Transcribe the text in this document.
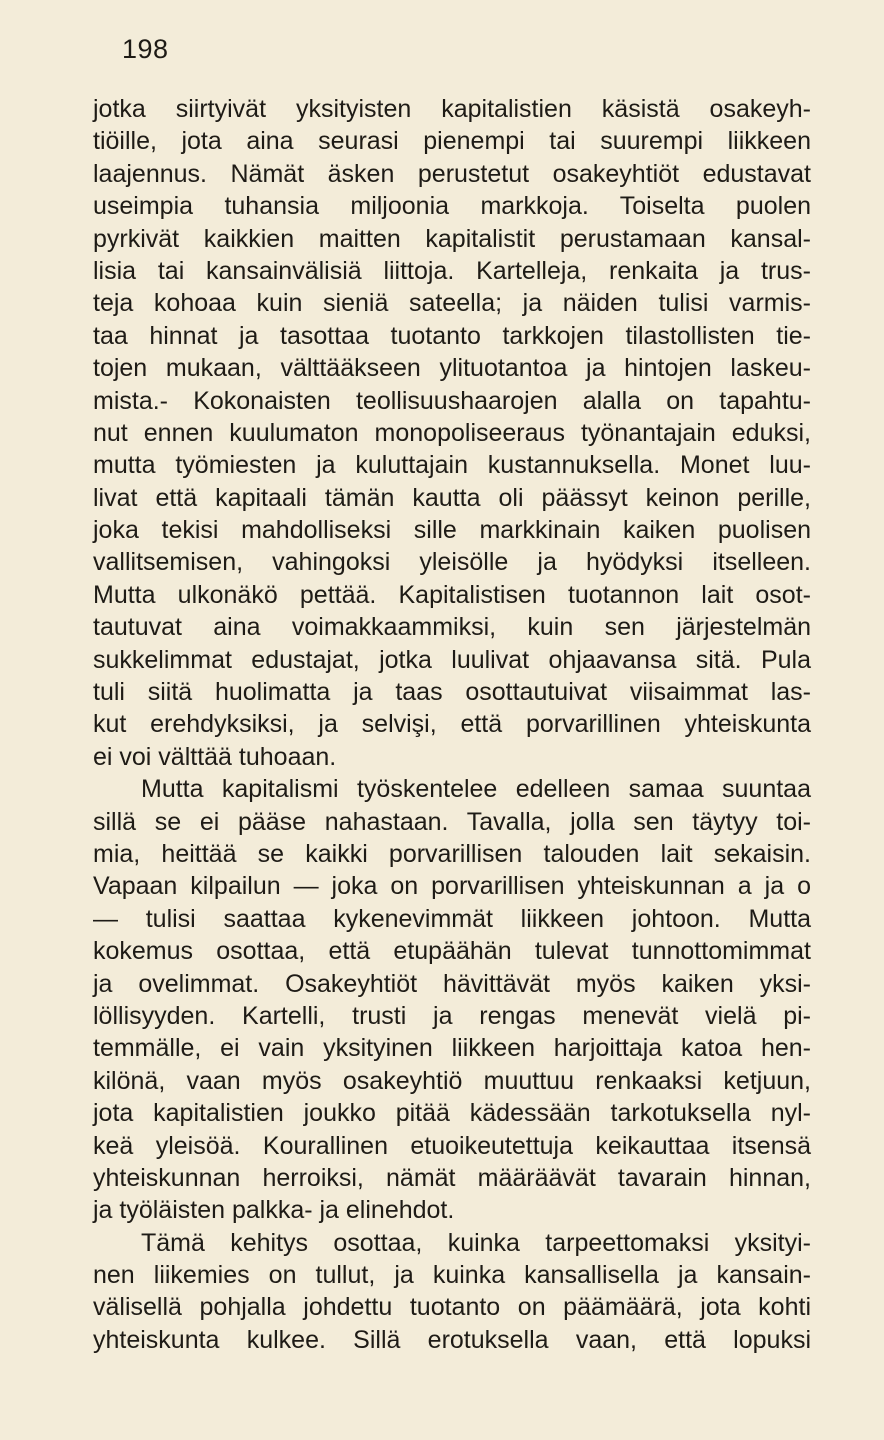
198
jotka siirtyivät yksityisten kapitalistien käsistä osakeyh-
tiöille, jota aina seurasi pienempi tai suurempi liikkeen
laajennus. Nämät äsken perustetut osakeyhtiöt edustavat
useimpia tuhansia miljoonia markkoja. Toiselta puolen
pyrkivät kaikkien maitten kapitalistit perustamaan kansal-
lisia tai kansainvälisiä liittoja. Kartelleja, renkaita ja trus-
teja kohoaa kuin sieniä sateella; ja näiden tulisi varmis-
taa hinnat ja tasottaa tuotanto tarkkojen tilastollisten tie-
tojen mukaan, välttääkseen ylituotantoa ja hintojen laskeu-
mista.- Kokonaisten teollisuushaarojen alalla on tapahtu-
nut ennen kuulumaton monopoliseeraus työnantajain eduksi,
mutta työmiesten ja kuluttajain kustannuksella. Monet luu-
livat että kapitaali tämän kautta oli päässyt keinon perille,
joka tekisi mahdolliseksi sille markkinain kaiken puolisen
vallitsemisen, vahingoksi yleisölle ja hyödyksi itselleen.
Mutta ulkonäkö pettää. Kapitalistisen tuotannon lait osot-
tautuvat aina voimakkaammiksi, kuin sen järjestelmän
sukkelimmat edustajat, jotka luulivat ohjaavansa sitä. Pula
tuli siitä huolimatta ja taas osottautuivat viisaimmat las-
kut erehdyksiksi, ja selvişi, että porvarillinen yhteiskunta
ei voi välttää tuhoaan.
Mutta kapitalismi työskentelee edelleen samaa suuntaa
sillä se ei pääse nahastaan. Tavalla, jolla sen täytyy toi-
mia, heittää se kaikki porvarillisen talouden lait sekaisin.
Vapaan kilpailun — joka on porvarillisen yhteiskunnan a ja o
— tulisi saattaa kykenevimmät liikkeen johtoon. Mutta
kokemus osottaa, että etupäähän tulevat tunnottomimmat
ja ovelimmat. Osakeyhtiöt hävittävät myös kaiken yksi-
löllisyyden. Kartelli, trusti ja rengas menevät vielä pi-
temmälle, ei vain yksityinen liikkeen harjoittaja katoa hen-
kilönä, vaan myös osakeyhtiö muuttuu renkaaksi ketjuun,
jota kapitalistien joukko pitää kädessään tarkotuksella nyl-
keä yleisöä. Kourallinen etuoikeutettuja keikauttaa itsensä
yhteiskunnan herroiksi, nämät määräävät tavarain hinnan,
ja työläisten palkka- ja elinehdot.
Tämä kehitys osottaa, kuinka tarpeettomaksi yksityi-
nen liikemies on tullut, ja kuinka kansallisella ja kansain-
välisellä pohjalla johdettu tuotanto on päämäärä, jota kohti
yhteiskunta kulkee. Sillä erotuksella vaan, että lopuksi
